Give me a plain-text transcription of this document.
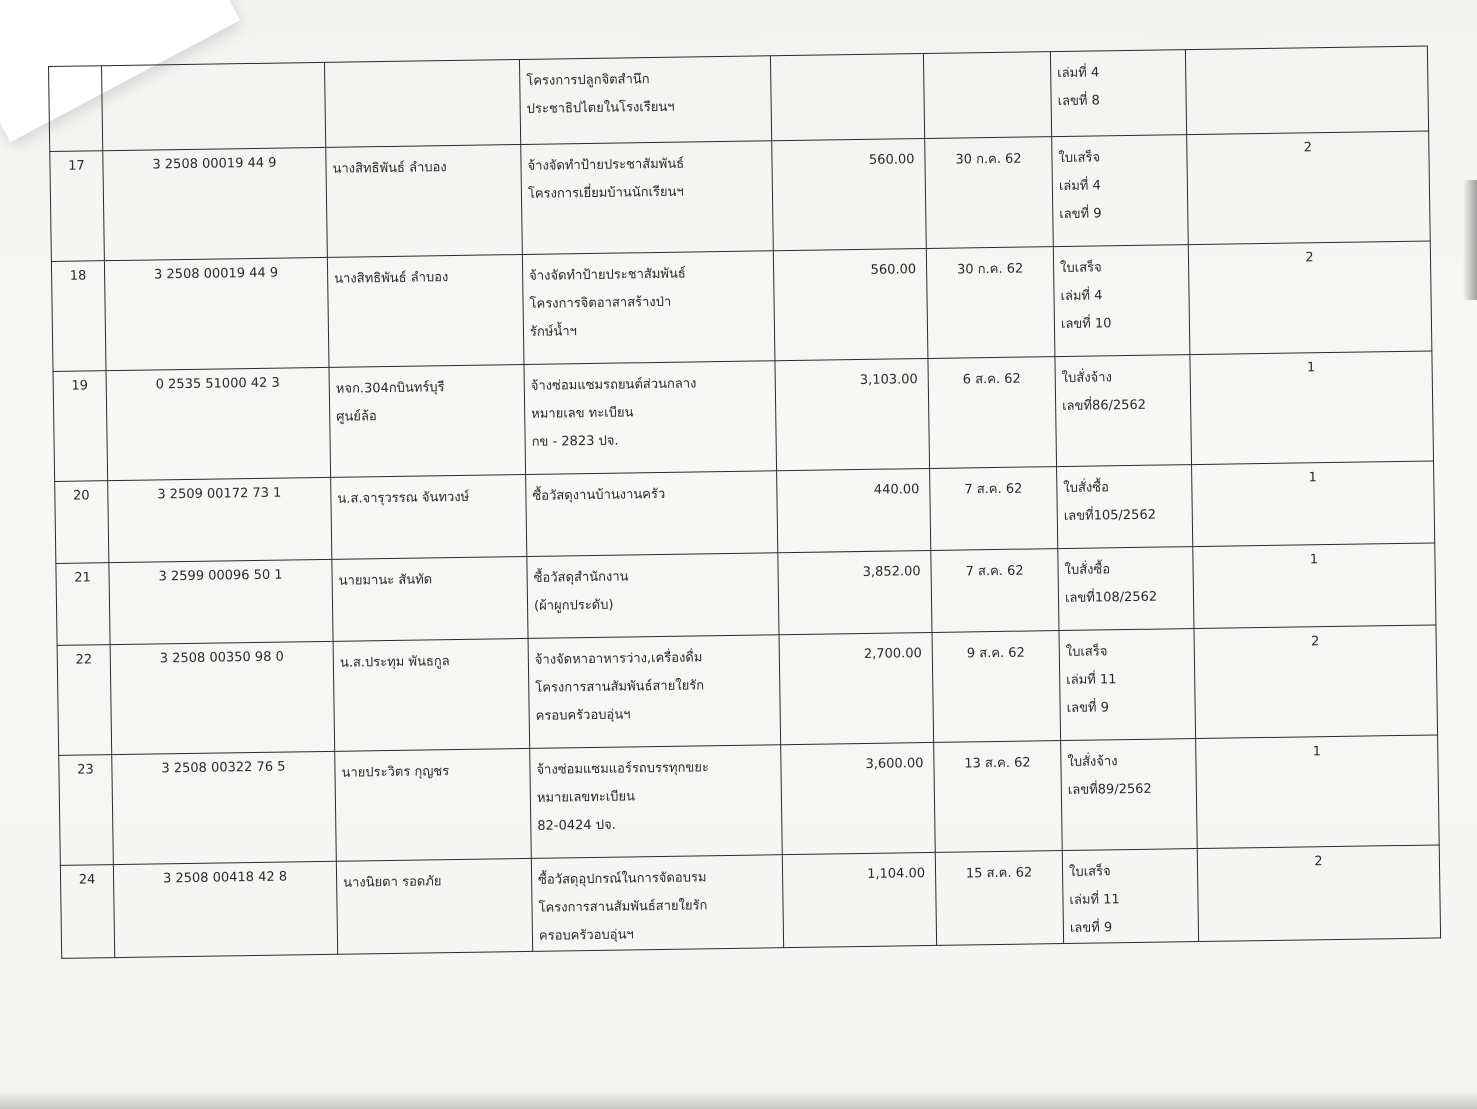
			โครงการปลูกจิตสำนึก
ประชาธิปไตยในโรงเรียนฯ			เล่มที่ 4
เลขที่ 8	

17	3 2508 00019 44 9	นางสิทธิพันธ์ ลำบอง	จ้างจัดทำป้ายประชาสัมพันธ์
โครงการเยี่ยมบ้านนักเรียนฯ	560.00	30 ก.ค. 62	ใบเสร็จ
เล่มที่ 4
เลขที่ 9	2

18	3 2508 00019 44 9	นางสิทธิพันธ์ ลำบอง	จ้างจัดทำป้ายประชาสัมพันธ์
โครงการจิตอาสาสร้างป่า
รักษ์น้ำฯ	560.00	30 ก.ค. 62	ใบเสร็จ
เล่มที่ 4
เลขที่ 10	2

19	0 2535 51000 42 3	หจก.304กบินทร์บุรี
ศูนย์ล้อ	จ้างซ่อมแซมรถยนต์ส่วนกลาง
หมายเลข ทะเบียน
กข - 2823 ปจ.	3,103.00	6 ส.ค. 62	ใบสั่งจ้าง
เลขที่86/2562	1

20	3 2509 00172 73 1	น.ส.จารุวรรณ จันทวงษ์	ซื้อวัสดุงานบ้านงานครัว	440.00	7 ส.ค. 62	ใบสั่งซื้อ
เลขที่105/2562	1

21	3 2599 00096 50 1	นายมานะ สันทัด	ซื้อวัสดุสำนักงาน
(ผ้าผูกประดับ)	3,852.00	7 ส.ค. 62	ใบสั่งซื้อ
เลขที่108/2562	1

22	3 2508 00350 98 0	น.ส.ประทุม พันธกูล	จ้างจัดหาอาหารว่าง,เครื่องดื่ม
โครงการสานสัมพันธ์สายใยรัก
ครอบครัวอบอุ่นฯ	2,700.00	9 ส.ค. 62	ใบเสร็จ
เล่มที่ 11
เลขที่ 9	2

23	3 2508 00322 76 5	นายประวิตร กุญชร	จ้างซ่อมแซมแอร์รถบรรทุกขยะ
หมายเลขทะเบียน
82-0424 ปจ.	3,600.00	13 ส.ค. 62	ใบสั่งจ้าง
เลขที่89/2562	1

24	3 2508 00418 42 8	นางนิยดา รอดภัย	ซื้อวัสดุอุปกรณ์ในการจัดอบรม
โครงการสานสัมพันธ์สายใยรัก
ครอบครัวอบอุ่นฯ	1,104.00	15 ส.ค. 62	ใบเสร็จ
เล่มที่ 11
เลขที่ 9	2
